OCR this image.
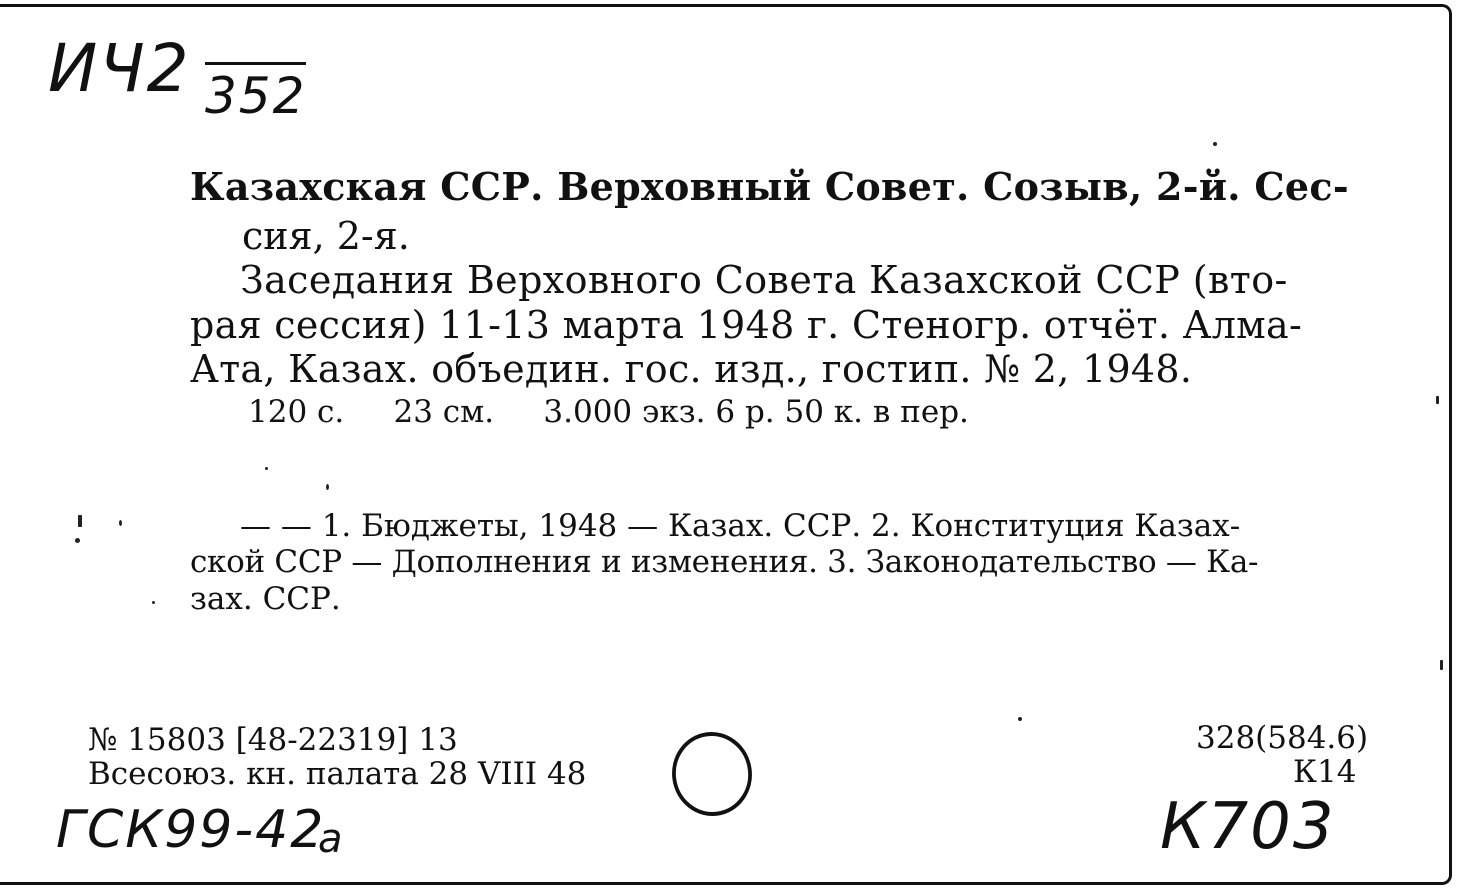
ИЧ2 352
Казахская ССР. Верховный Совет. Созыв, 2-й. Сес-
сия, 2-я.
Заседания Верховного Совета Казахской ССР (вто-
рая сессия) 11-13 марта 1948 г. Стеногр. отчёт. Алма-
Ата, Казах. объедин. гос. изд., гостип. № 2, 1948.
120 с.     23 см.     3.000 экз. 6 р. 50 к. в пер.
— — 1. Бюджеты, 1948 — Казах. ССР. 2. Конституция Казах-
ской ССР — Дополнения и изменения. 3. Законодательство — Ка-
зах. ССР.
№ 15803 [48-22319] 13
Всесоюз. кн. палата 28 VIII 48
328(584.6)
К14
ГСК99-42
а	К703
